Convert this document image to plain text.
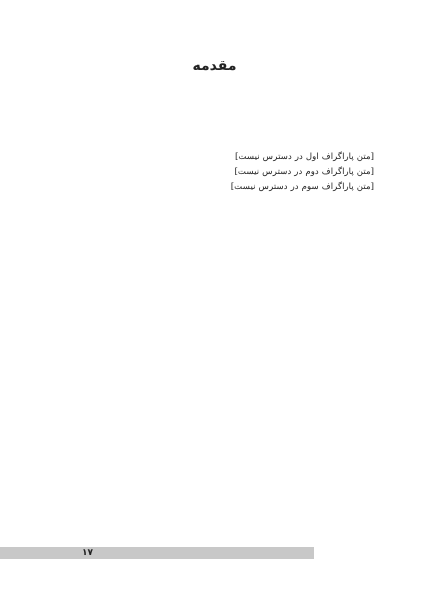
مقدمه

[متن پاراگراف اول در دسترس نیست]

[متن پاراگراف دوم در دسترس نیست]

[متن پاراگراف سوم در دسترس نیست]

۱۷
